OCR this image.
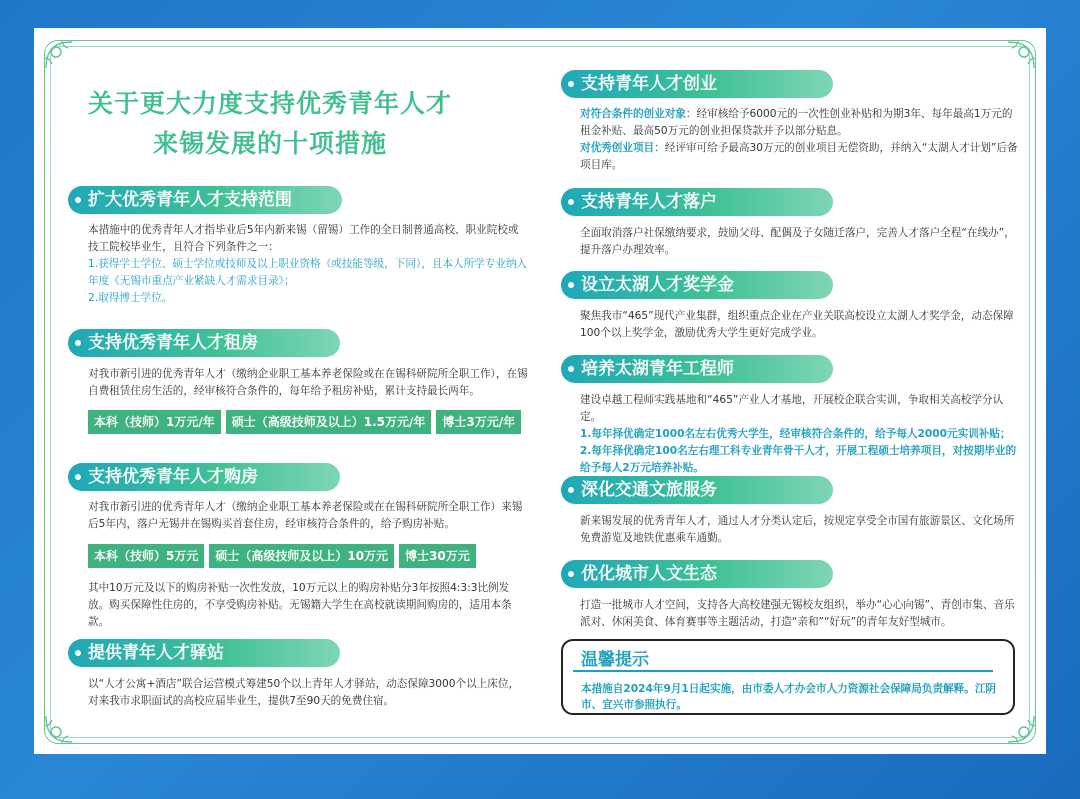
关于更大力度支持优秀青年人才
来锡发展的十项措施
扩大优秀青年人才支持范围
本措施中的优秀青年人才指毕业后5年内新来锡（留锡）工作的全日制普通高校、职业院校或技工院校毕业生，且符合下列条件之一：
1.获得学士学位、硕士学位或技师及以上职业资格（或技能等级，下同），且本人所学专业纳入年度《无锡市重点产业紧缺人才需求目录》；
2.取得博士学位。
支持优秀青年人才租房
对我市新引进的优秀青年人才（缴纳企业职工基本养老保险或在在锡科研院所全职工作），在锡自费租赁住房生活的，经审核符合条件的，每年给予租房补贴，累计支持最长两年。
本科（技师）1万元/年	硕士（高级技师及以上）1.5万元/年	博士3万元/年
支持优秀青年人才购房
对我市新引进的优秀青年人才（缴纳企业职工基本养老保险或在在锡科研院所全职工作）来锡后5年内，落户无锡并在锡购买首套住房，经审核符合条件的，给予购房补贴。
本科（技师）5万元	硕士（高级技师及以上）10万元	博士30万元
其中10万元及以下的购房补贴一次性发放，10万元以上的购房补贴分3年按照4:3:3比例发放。购买保障性住房的，不享受购房补贴。无锡籍大学生在高校就读期间购房的，适用本条款。
提供青年人才驿站
以“人才公寓+酒店”联合运营模式筹建50个以上青年人才驿站，动态保障3000个以上床位，对来我市求职面试的高校应届毕业生，提供7至90天的免费住宿。
支持青年人才创业
对符合条件的创业对象：经审核给予6000元的一次性创业补贴和为期3年、每年最高1万元的租金补贴、最高50万元的创业担保贷款并予以部分贴息。
对优秀创业项目：经评审可给予最高30万元的创业项目无偿资助，并纳入“太湖人才计划”后备项目库。
支持青年人才落户
全面取消落户社保缴纳要求，鼓励父母、配偶及子女随迁落户，完善人才落户全程“在线办”，提升落户办理效率。
设立太湖人才奖学金
聚焦我市“465”现代产业集群，组织重点企业在产业关联高校设立太湖人才奖学金，动态保障100个以上奖学金，激励优秀大学生更好完成学业。
培养太湖青年工程师
建设卓越工程师实践基地和“465”产业人才基地，开展校企联合实训，争取相关高校学分认定。
1.每年择优确定1000名左右优秀大学生，经审核符合条件的，给予每人2000元实训补贴；
2.每年择优确定100名左右理工科专业青年骨干人才，开展工程硕士培养项目，对按期毕业的给予每人2万元培养补贴。
深化交通文旅服务
新来锡发展的优秀青年人才，通过人才分类认定后，按规定享受全市国有旅游景区、文化场所免费游览及地铁优惠乘车通勤。
优化城市人文生态
打造一批城市人才空间，支持各大高校建强无锡校友组织，举办“心心向锡”、青创市集、音乐派对、休闲美食、体育赛事等主题活动，打造“亲和”“好玩”的青年友好型城市。
温馨提示
本措施自2024年9月1日起实施，由市委人才办会市人力资源社会保障局负责解释。江阴市、宜兴市参照执行。
